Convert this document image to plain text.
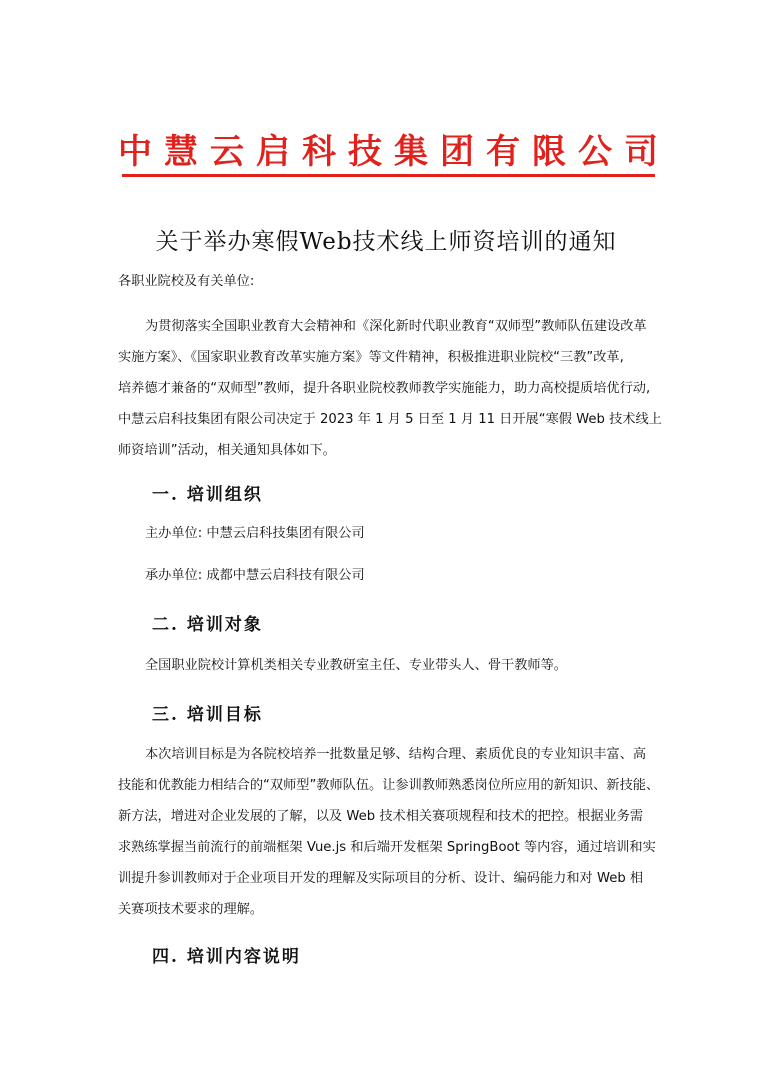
中慧云启科技集团有限公司
关于举办寒假Web技术线上师资培训的通知

各职业院校及有关单位:

为贯彻落实全国职业教育大会精神和《深化新时代职业教育“双师型”教师队伍建设改革
实施方案》、《国家职业教育改革实施方案》等文件精神，积极推进职业院校“三教”改革,
培养德才兼备的“双师型”教师，提升各职业院校教师教学实施能力，助力高校提质培优行动,
中慧云启科技集团有限公司决定于 2023 年 1 月 5 日至 1 月 11 日开展“寒假 Web 技术线上
师资培训”活动，相关通知具体如下。

一. 培训组织

主办单位: 中慧云启科技集团有限公司

承办单位: 成都中慧云启科技有限公司

二. 培训对象

全国职业院校计算机类相关专业教研室主任、专业带头人、骨干教师等。

三. 培训目标

本次培训目标是为各院校培养一批数量足够、结构合理、素质优良的专业知识丰富、高
技能和优教能力相结合的“双师型”教师队伍。让参训教师熟悉岗位所应用的新知识、新技能、
新方法，增进对企业发展的了解，以及 Web 技术相关赛项规程和技术的把控。根据业务需
求熟练掌握当前流行的前端框架 Vue.js 和后端开发框架 SpringBoot 等内容，通过培训和实
训提升参训教师对于企业项目开发的理解及实际项目的分析、设计、编码能力和对 Web 相
关赛项技术要求的理解。

四. 培训内容说明
